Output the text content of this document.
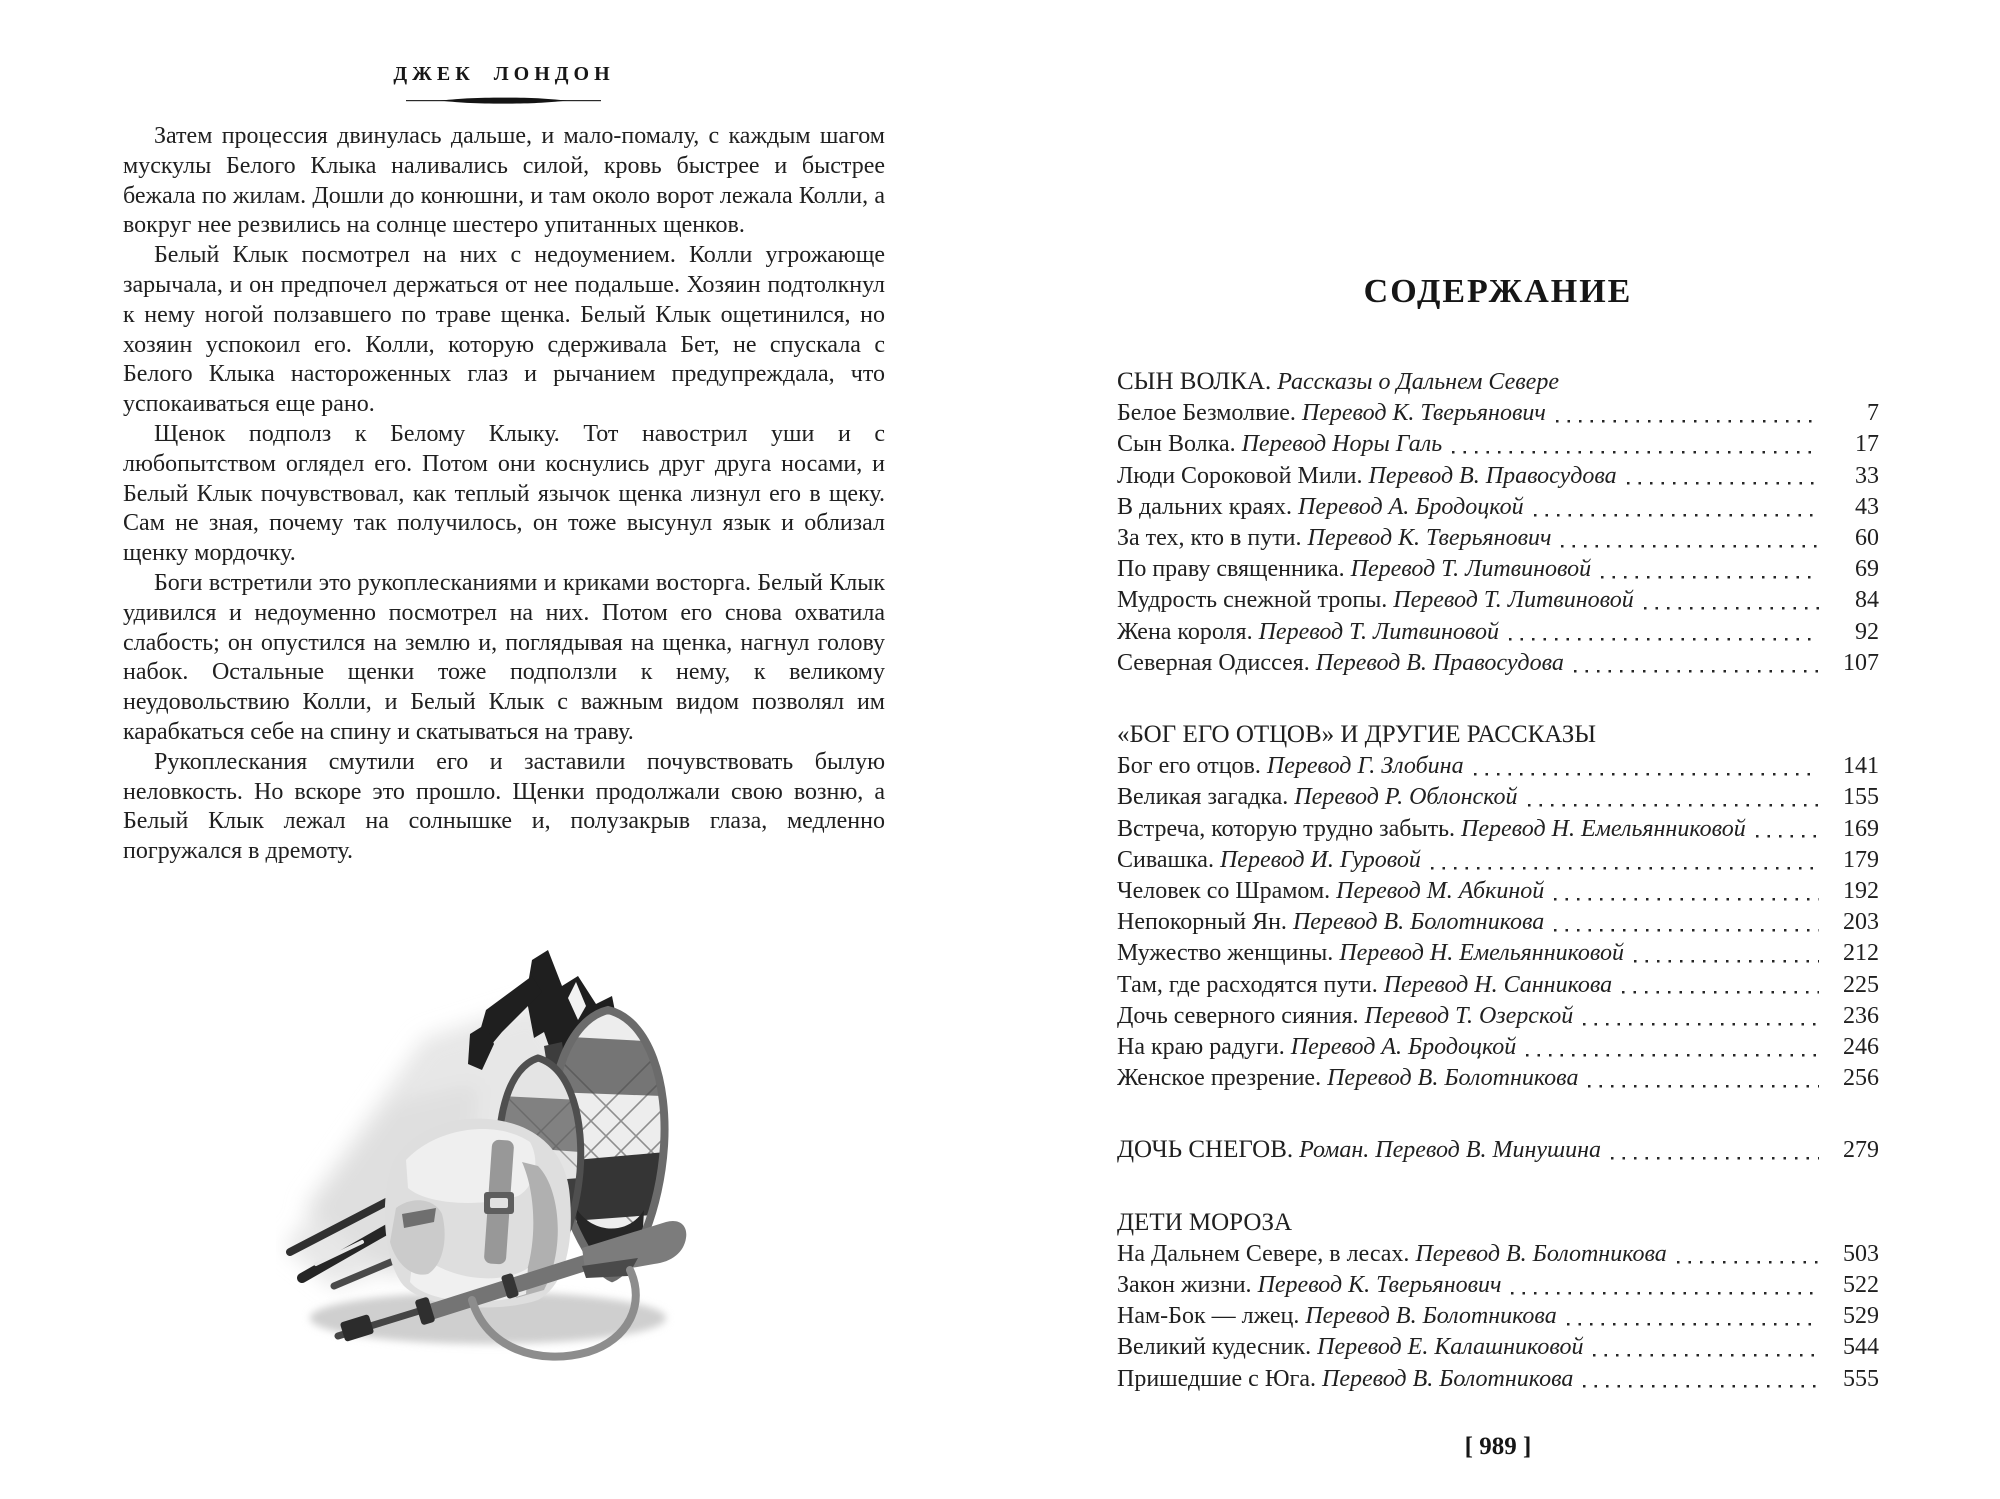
ДЖЕК ЛОНДОН

Затем процессия двинулась дальше, и мало-помалу, с каждым шагом мускулы Белого Клыка наливались силой, кровь быстрее и быстрее бежала по жилам. Дошли до конюшни, и там около ворот лежала Колли, а вокруг нее резвились на солнце шестеро упитанных щенков.

Белый Клык посмотрел на них с недоумением. Колли угрожающе зарычала, и он предпочел держаться от нее подальше. Хозяин подтолкнул к нему ногой ползавшего по траве щенка. Белый Клык ощетинился, но хозяин успокоил его. Колли, которую сдерживала Бет, не спускала с Белого Клыка настороженных глаз и рычанием предупреждала, что успокаиваться еще рано.

Щенок подполз к Белому Клыку. Тот навострил уши и с любопытством оглядел его. Потом они коснулись друг друга носами, и Белый Клык почувствовал, как теплый язычок щенка лизнул его в щеку. Сам не зная, почему так получилось, он тоже высунул язык и облизал щенку мордочку.

Боги встретили это рукоплесканиями и криками восторга. Белый Клык удивился и недоуменно посмотрел на них. Потом его снова охватила слабость; он опустился на землю и, поглядывая на щенка, нагнул голову набок. Остальные щенки тоже подползли к нему, к великому неудовольствию Колли, и Белый Клык с важным видом позволял им карабкаться себе на спину и скатываться на траву.

Рукоплескания смутили его и заставили почувствовать былую неловкость. Но вскоре это прошло. Щенки продолжали свою возню, а Белый Клык лежал на солнышке и, полузакрыв глаза, медленно погружался в дремоту.

СОДЕРЖАНИЕ
СЫН ВОЛКА. Рассказы о Дальнем Севере
Белое Безмолвие. Перевод К. Тверьянович	7
Сын Волка. Перевод Норы Галь	17
Люди Сороковой Мили. Перевод В. Правосудова	33
В дальних краях. Перевод А. Бродоцкой	43
За тех, кто в пути. Перевод К. Тверьянович	60
По праву священника. Перевод Т. Литвиновой	69
Мудрость снежной тропы. Перевод Т. Литвиновой	84
Жена короля. Перевод Т. Литвиновой	92
Северная Одиссея. Перевод В. Правосудова	107
«БОГ ЕГО ОТЦОВ» И ДРУГИЕ РАССКАЗЫ
Бог его отцов. Перевод Г. Злобина	141
Великая загадка. Перевод Р. Облонской	155
Встреча, которую трудно забыть. Перевод Н. Емельянниковой	169
Сивашка. Перевод И. Гуровой	179
Человек со Шрамом. Перевод М. Абкиной	192
Непокорный Ян. Перевод В. Болотникова	203
Мужество женщины. Перевод Н. Емельянниковой	212
Там, где расходятся пути. Перевод Н. Санникова	225
Дочь северного сияния. Перевод Т. Озерской	236
На краю радуги. Перевод А. Бродоцкой	246
Женское презрение. Перевод В. Болотникова	256
ДОЧЬ СНЕГОВ. Роман. Перевод В. Минушина	279
ДЕТИ МОРОЗА
На Дальнем Севере, в лесах. Перевод В. Болотникова	503
Закон жизни. Перевод К. Тверьянович	522
Нам-Бок — лжец. Перевод В. Болотникова	529
Великий кудесник. Перевод Е. Калашниковой	544
Пришедшие с Юга. Перевод В. Болотникова	555
[ 989 ]
